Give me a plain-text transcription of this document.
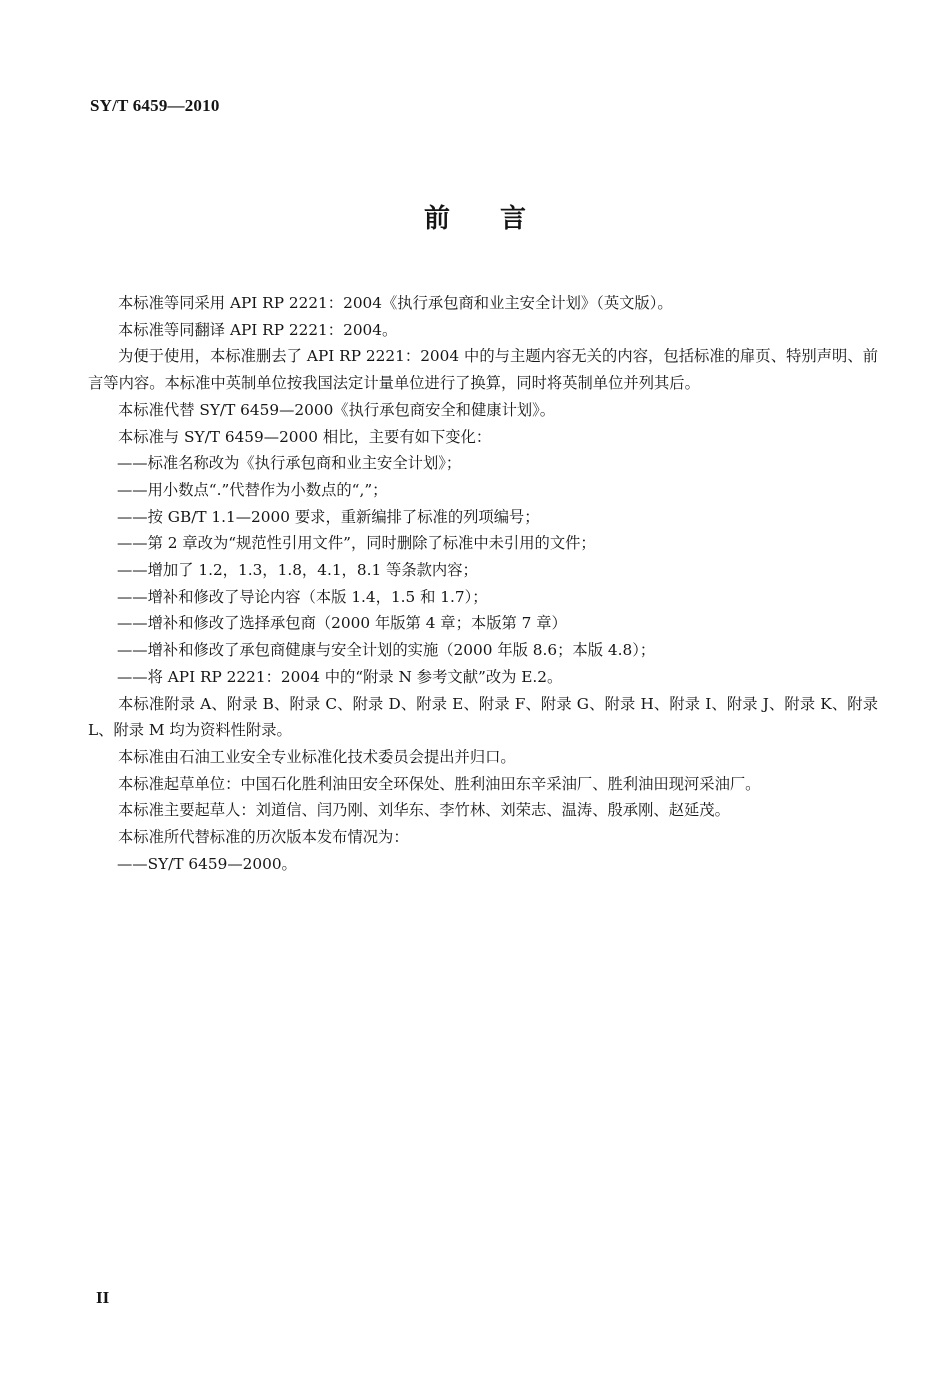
SY/T 6459—2010
前言

本标准等同采用 API RP 2221：2004《执行承包商和业主安全计划》（英文版）。

本标准等同翻译 API RP 2221：2004。

为便于使用，本标准删去了 API RP 2221：2004 中的与主题内容无关的内容，包括标准的扉页、特别声明、前言等内容。本标准中英制单位按我国法定计量单位进行了换算，同时将英制单位并列其后。

本标准代替 SY/T 6459—2000《执行承包商安全和健康计划》。

本标准与 SY/T 6459—2000 相比，主要有如下变化：

——标准名称改为《执行承包商和业主安全计划》；

——用小数点“.”代替作为小数点的“,”；

——按 GB/T 1.1—2000 要求，重新编排了标准的列项编号；

——第 2 章改为“规范性引用文件”，同时删除了标准中未引用的文件；

——增加了 1.2，1.3，1.8，4.1，8.1 等条款内容；

——增补和修改了导论内容（本版 1.4，1.5 和 1.7）；

——增补和修改了选择承包商（2000 年版第 4 章；本版第 7 章）

——增补和修改了承包商健康与安全计划的实施（2000 年版 8.6；本版 4.8）；

——将 API RP 2221：2004 中的“附录 N 参考文献”改为 E.2。

本标准附录 A、附录 B、附录 C、附录 D、附录 E、附录 F、附录 G、附录 H、附录 I、附录 J、附录 K、附录 L、附录 M 均为资料性附录。

本标准由石油工业安全专业标准化技术委员会提出并归口。

本标准起草单位：中国石化胜利油田安全环保处、胜利油田东辛采油厂、胜利油田现河采油厂。

本标准主要起草人：刘道信、闫乃刚、刘华东、李竹林、刘荣志、温涛、殷承刚、赵延茂。

本标准所代替标准的历次版本发布情况为：

——SY/T 6459—2000。

II
